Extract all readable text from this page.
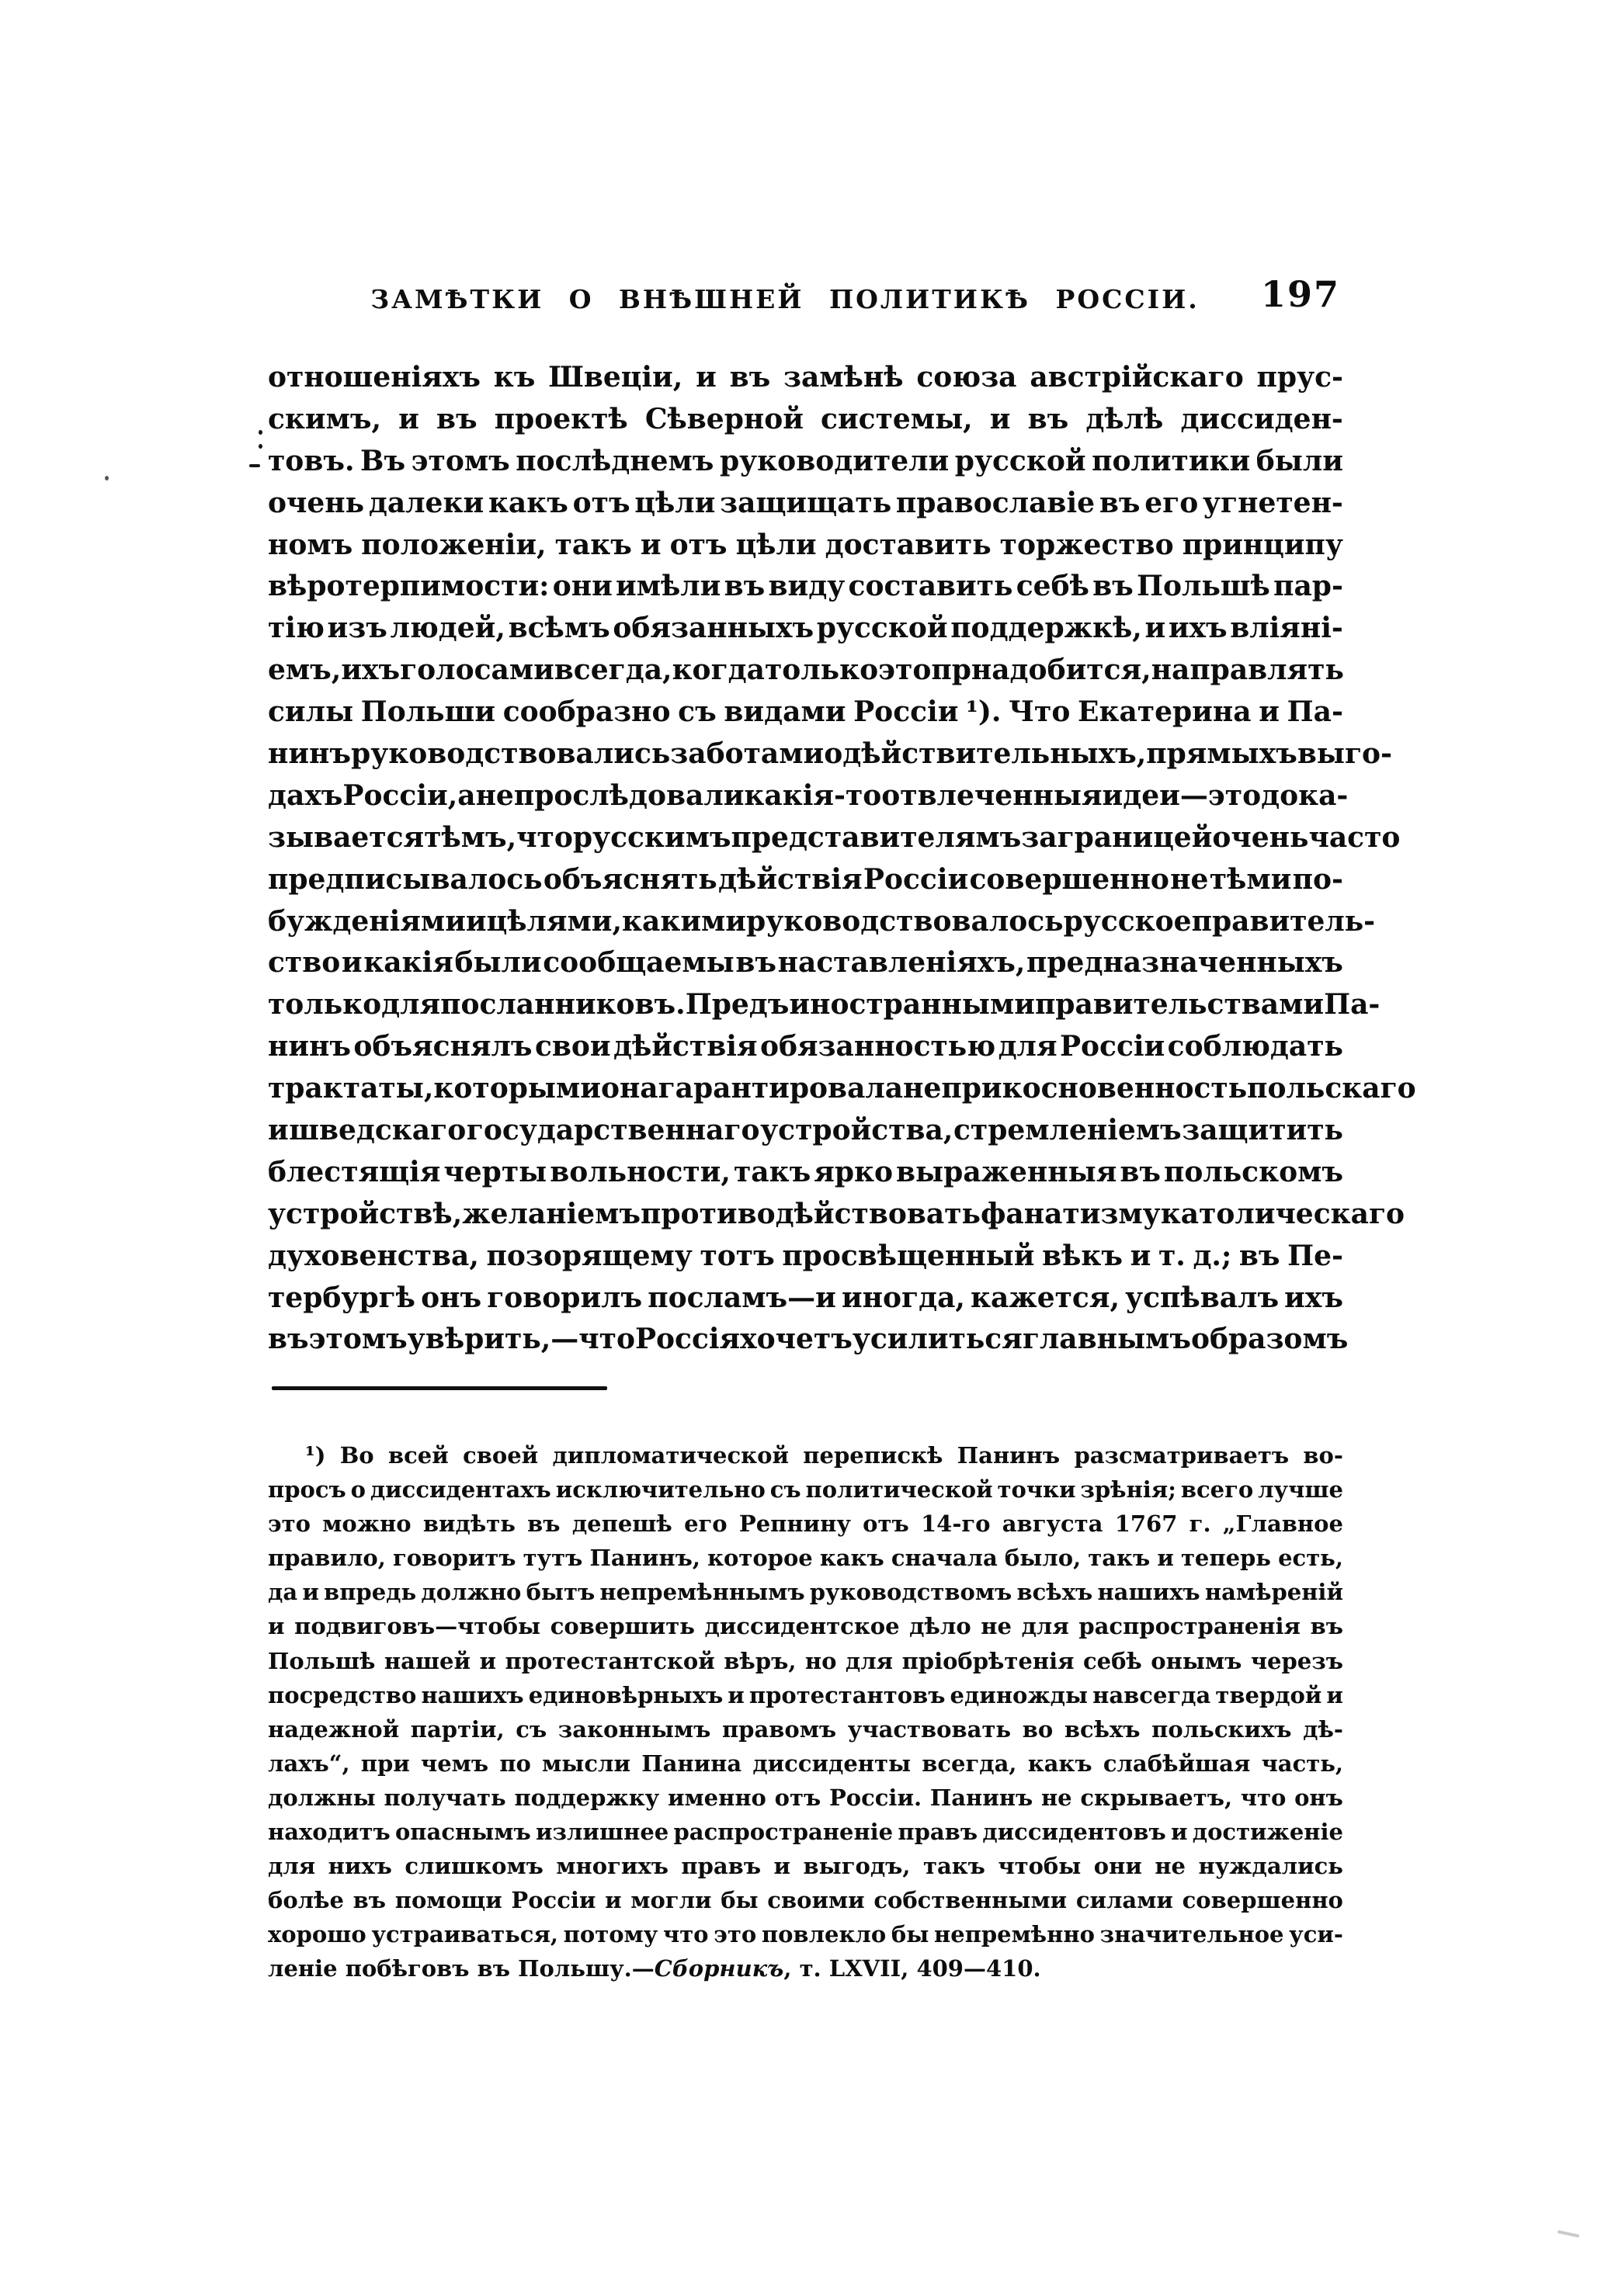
ЗАМѢТКИ О ВНѢШНЕЙ ПОЛИТИКѢ РОССІИ.	197
отношеніяхъ къ Швеціи, и въ замѣнѣ союза австрійскаго прус-
скимъ, и въ проектѣ Сѣверной системы, и въ дѣлѣ диссиден-
товъ. Въ этомъ послѣднемъ руководители русской политики были
очень далеки какъ отъ цѣли защищать православіе въ его угнетен-
номъ положеніи, такъ и отъ цѣли доставить торжество принципу
вѣротерпимости: они имѣли въ виду составить себѣ въ Польшѣ пар-
тію изъ людей, всѣмъ обязанныхъ русской поддержкѣ, и ихъ вліяні-
емъ, ихъ голосами всегда, когда только это прнадобится, направлять
силы Польши сообразно съ видами Россіи ¹). Что Екатерина и Па-
нинъ руководствовались заботами о дѣйствительныхъ, прямыхъ выго-
дахъ Россіи, а не прослѣдовали какія-то отвлеченныя идеи—это дока-
зывается тѣмъ, что русскимъ представителямъ заграницей очень часто
предписывалось объяснять дѣйствія Россіи совершенно не тѣми по-
бужденіями и цѣлями, какими руководствовалось русское правитель-
ство и какія были сообщаемы въ наставленіяхъ, предназначенныхъ
только для посланниковъ. Предъ иностранными правительствами Па-
нинъ объяснялъ свои дѣйствія обязанностью для Россіи соблюдать
трактаты, которыми она гарантировала неприкосновенность польскаго
и шведскаго государственнаго устройства, стремленіемъ защитить
блестящія черты вольности, такъ ярко выраженныя въ польскомъ
устройствѣ, желаніемъ противодѣйствовать фанатизму католическаго
духовенства, позорящему тотъ просвѣщенный вѣкъ и т. д.; въ Пе-
тербургѣ онъ говорилъ посламъ—и иногда, кажется, успѣвалъ ихъ
въ этомъ увѣрить,—что Россія хочетъ усилиться главнымъ образомъ
¹) Во всей своей дипломатической перепискѣ Панинъ разсматриваетъ во-
просъ о диссидентахъ исключительно съ политической точки зрѣнія; всего лучше
это можно видѣть въ депешѣ его Репнину отъ 14-го августа 1767 г. „Главное
правило, говоритъ тутъ Панинъ, которое какъ сначала было, такъ и теперь есть,
да и впредь должно бытъ непремѣннымъ руководствомъ всѣхъ нашихъ намѣреній
и подвиговъ—чтобы совершить диссидентское дѣло не для распространенія въ
Польшѣ нашей и протестантской вѣръ, но для пріобрѣтенія себѣ онымъ черезъ
посредство нашихъ единовѣрныхъ и протестантовъ единожды навсегда твердой и
надежной партіи, съ законнымъ правомъ участвовать во всѣхъ польскихъ дѣ-
лахъ“, при чемъ по мысли Панина диссиденты всегда, какъ слабѣйшая часть,
должны получать поддержку именно отъ Россіи. Панинъ не скрываетъ, что онъ
находитъ опаснымъ излишнее распространеніе правъ диссидентовъ и достиженіе
для нихъ слишкомъ многихъ правъ и выгодъ, такъ чтобы они не нуждались
болѣе въ помощи Россіи и могли бы своими собственными силами совершенно
хорошо устраиваться, потому что это повлекло бы непремѣнно значительное уси-
леніе побѣговъ въ Польшу.—Сборникъ, т. LXVII, 409—410.
